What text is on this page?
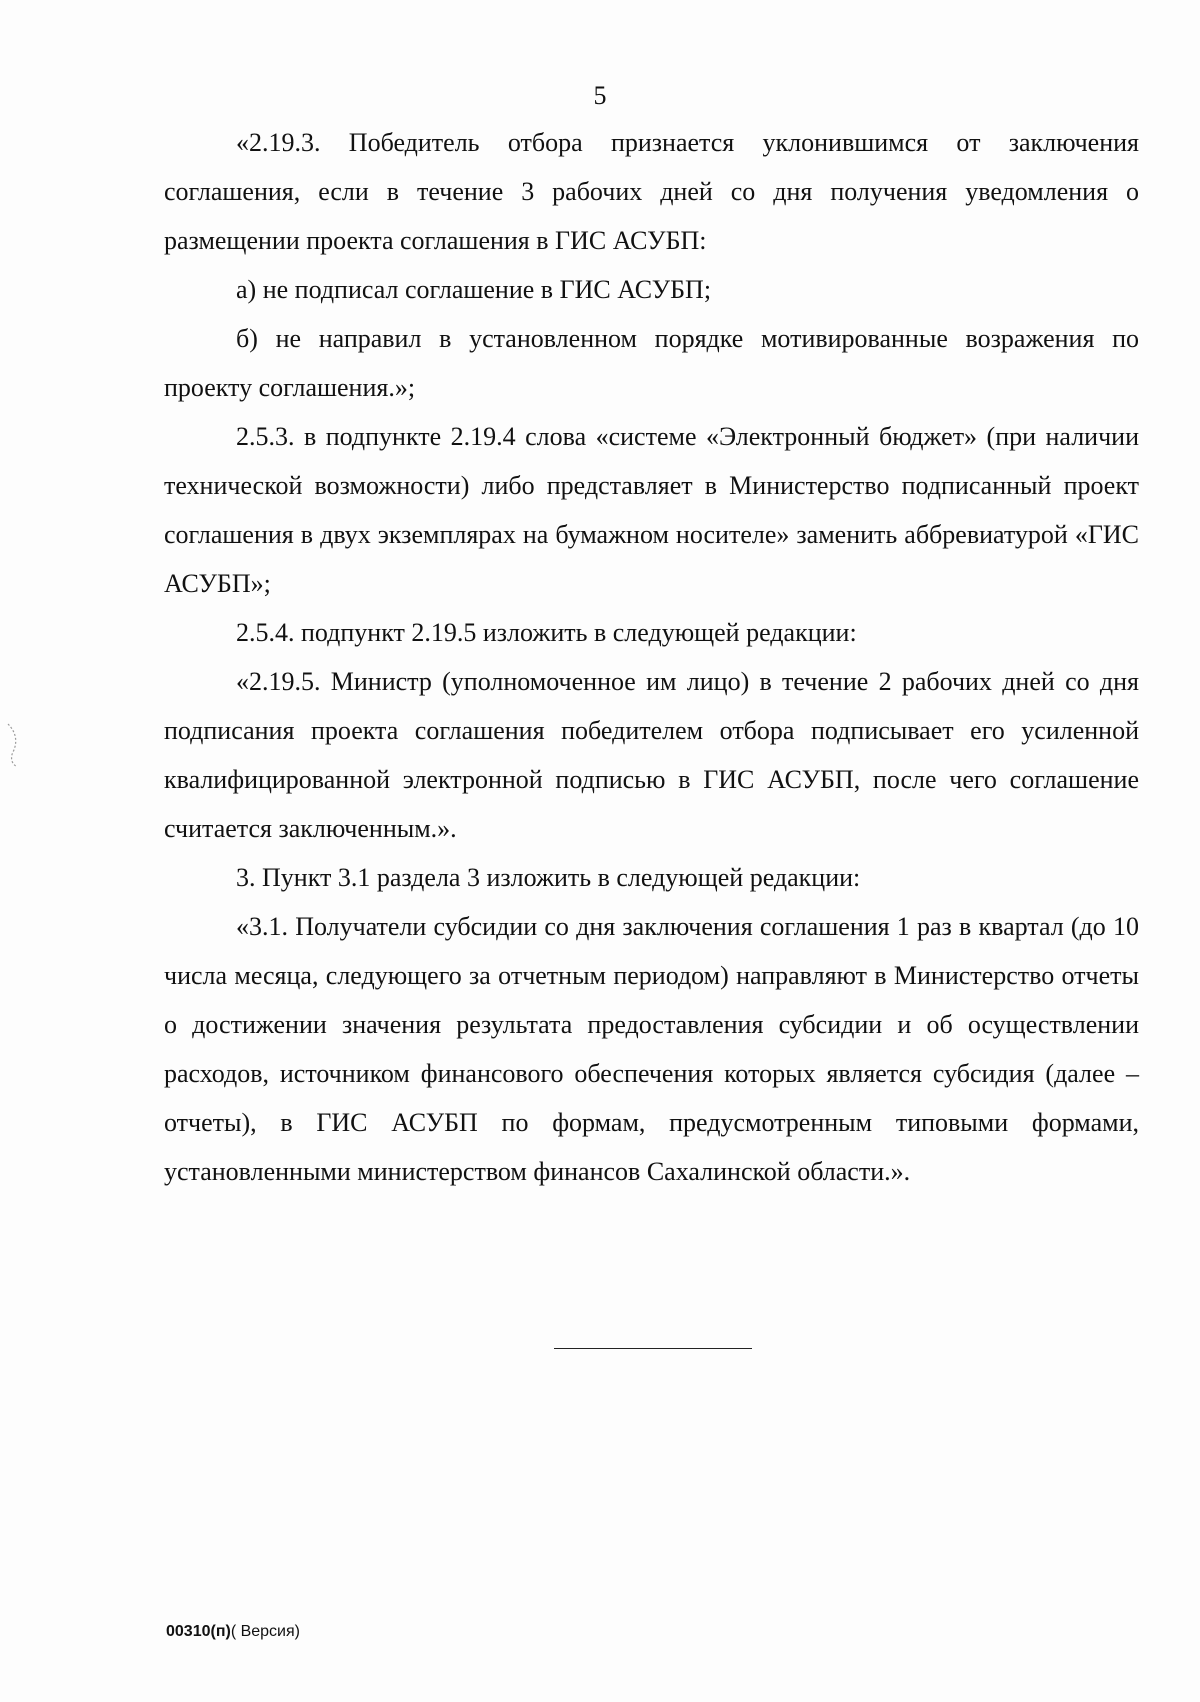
5

«2.19.3. Победитель отбора признается уклонившимся от заключения соглашения, если в течение 3 рабочих дней со дня получения уведомления о размещении проекта соглашения в ГИС АСУБП:

а) не подписал соглашение в ГИС АСУБП;

б) не направил в установленном порядке мотивированные возражения по проекту соглашения.»;

2.5.3. в подпункте 2.19.4 слова «системе «Электронный бюджет» (при наличии технической возможности) либо представляет в Министерство подписанный проект соглашения в двух экземплярах на бумажном носителе» заменить аббревиатурой «ГИС АСУБП»;

2.5.4. подпункт 2.19.5 изложить в следующей редакции:

«2.19.5. Министр (уполномоченное им лицо) в течение 2 рабочих дней со дня подписания проекта соглашения победителем отбора подписывает его усиленной квалифицированной электронной подписью в ГИС АСУБП, после чего соглашение считается заключенным.».

3. Пункт 3.1 раздела 3 изложить в следующей редакции:

«3.1. Получатели субсидии со дня заключения соглашения 1 раз в квартал (до 10 числа месяца, следующего за отчетным периодом) направляют в Министерство отчеты о достижении значения результата предоставления субсидии и об осуществлении расходов, источником финансового обеспечения которых является субсидия (далее – отчеты), в ГИС АСУБП по формам, предусмотренным типовыми формами, установленными министерством финансов Сахалинской области.».

00310(п)( Версия)
